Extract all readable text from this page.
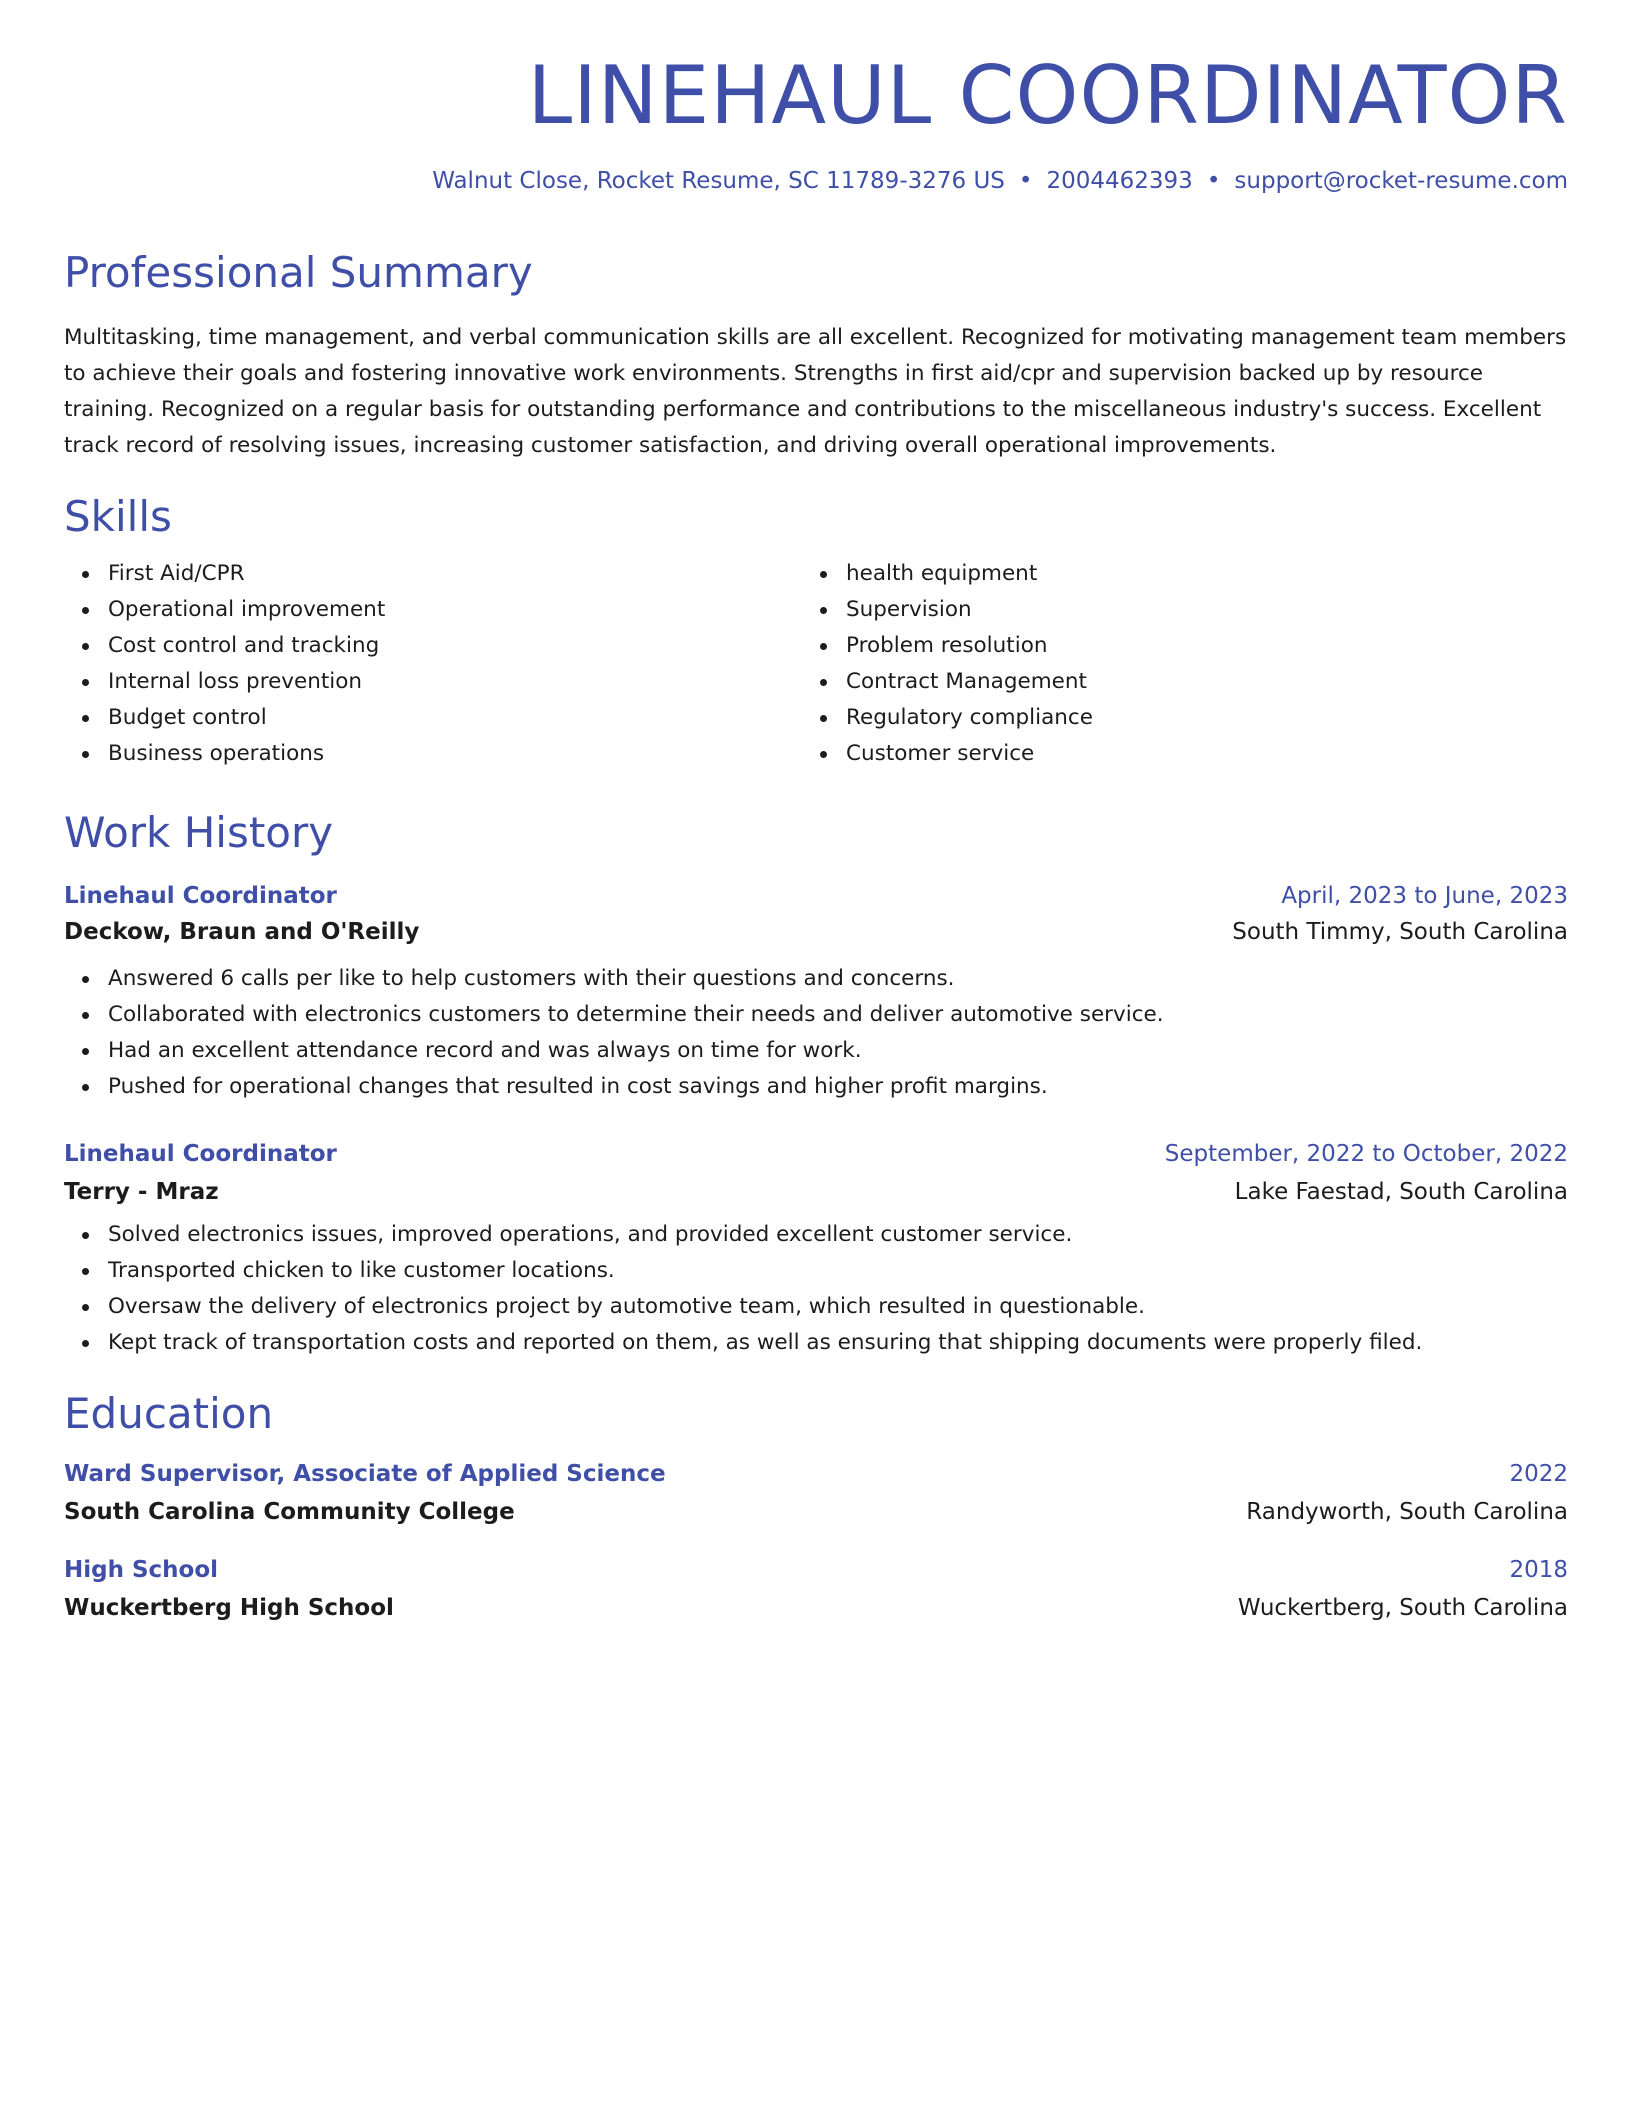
LINEHAUL COORDINATOR
Walnut Close, Rocket Resume, SC 11789-3276 US • 2004462393 • support@rocket-resume.com
Professional Summary

Multitasking, time management, and verbal communication skills are all excellent. Recognized for motivating management team members to achieve their goals and fostering innovative work environments. Strengths in first aid/cpr and supervision backed up by resource training. Recognized on a regular basis for outstanding performance and contributions to the miscellaneous industry's success. Excellent track record of resolving issues, increasing customer satisfaction, and driving overall operational improvements.

Skills
First Aid/CPR
Operational improvement
Cost control and tracking
Internal loss prevention
Budget control
Business operations
health equipment
Supervision
Problem resolution
Contract Management
Regulatory compliance
Customer service
Work History
Linehaul Coordinator	April, 2023 to June, 2023
Deckow, Braun and O'Reilly	South Timmy, South Carolina
Answered 6 calls per like to help customers with their questions and concerns.
Collaborated with electronics customers to determine their needs and deliver automotive service.
Had an excellent attendance record and was always on time for work.
Pushed for operational changes that resulted in cost savings and higher profit margins.
Linehaul Coordinator	September, 2022 to October, 2022
Terry - Mraz	Lake Faestad, South Carolina
Solved electronics issues, improved operations, and provided excellent customer service.
Transported chicken to like customer locations.
Oversaw the delivery of electronics project by automotive team, which resulted in questionable.
Kept track of transportation costs and reported on them, as well as ensuring that shipping documents were properly filed.
Education
Ward Supervisor, Associate of Applied Science	2022
South Carolina Community College	Randyworth, South Carolina
High School	2018
Wuckertberg High School	Wuckertberg, South Carolina
